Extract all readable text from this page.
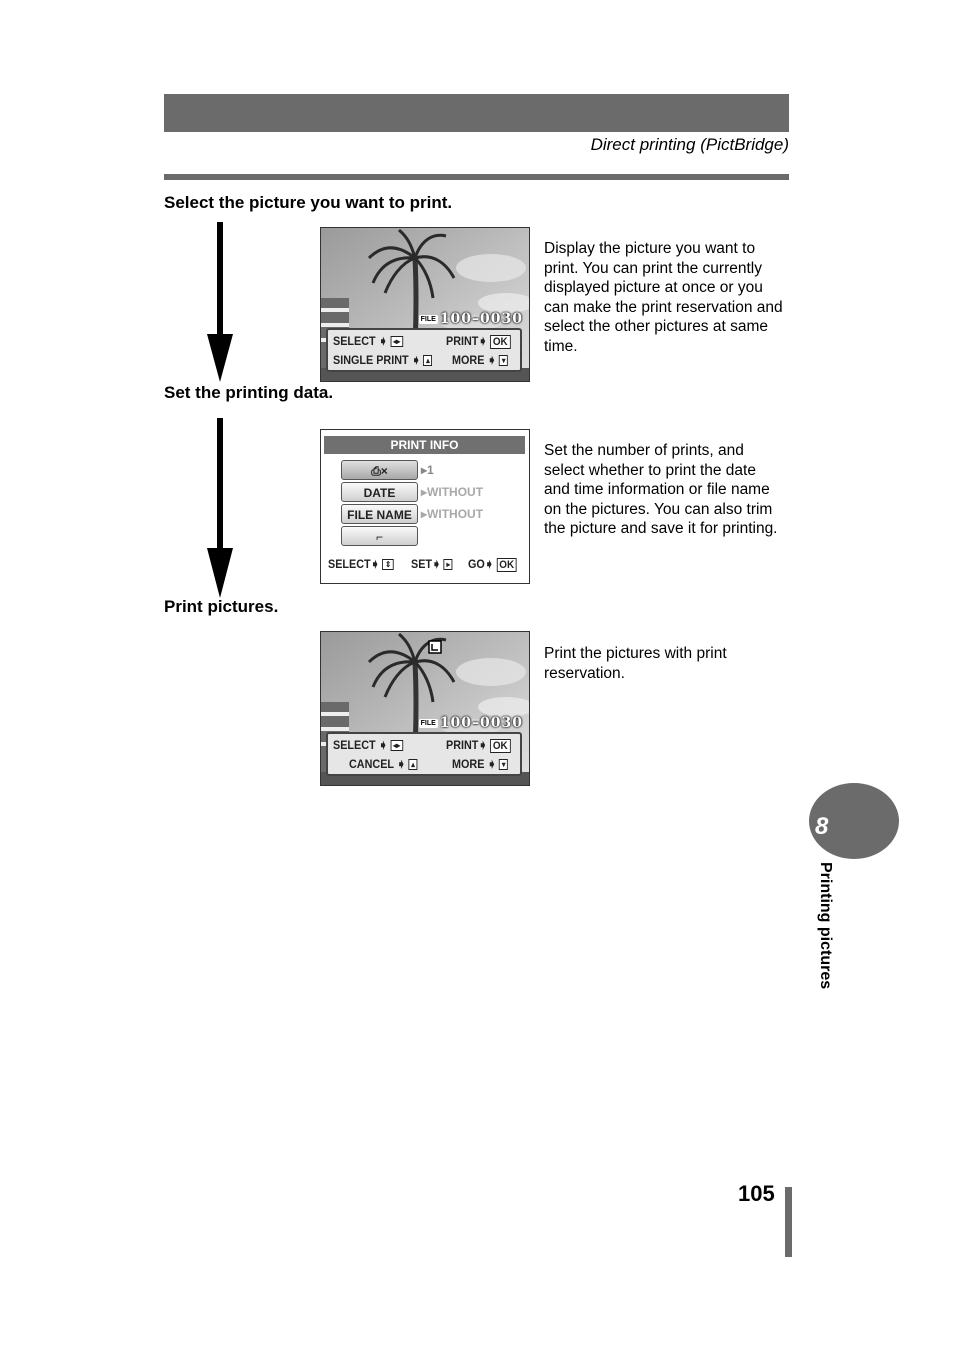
Direct printing (PictBridge)
Select the picture you want to print.
FILE 100–0030
SELECT ➧ ◂▸
SINGLE PRINT ➧ ▴
PRINT➧ OK
MORE ➧ ▾
Display the picture you want to print. You can print the currently displayed picture at once or you can make the print reservation and select the other pictures at same time.
Set the printing data.
PRINT INFO
⎙×	▸1
DATE	▸WITHOUT
FILE NAME ▸WITHOUT
⌐
SELECT➧ ⇕ SET➧ ▸ GO➧ OK
Set the number of prints, and select whether to print the date and time information or file name on the pictures. You can also trim the picture and save it for printing.
Print pictures.
FILE 100–0030
SELECT ➧ ◂▸
CANCEL ➧ ▴
PRINT➧ OK
MORE ➧ ▾
Print the pictures with print reservation.
8
Printing pictures
105
